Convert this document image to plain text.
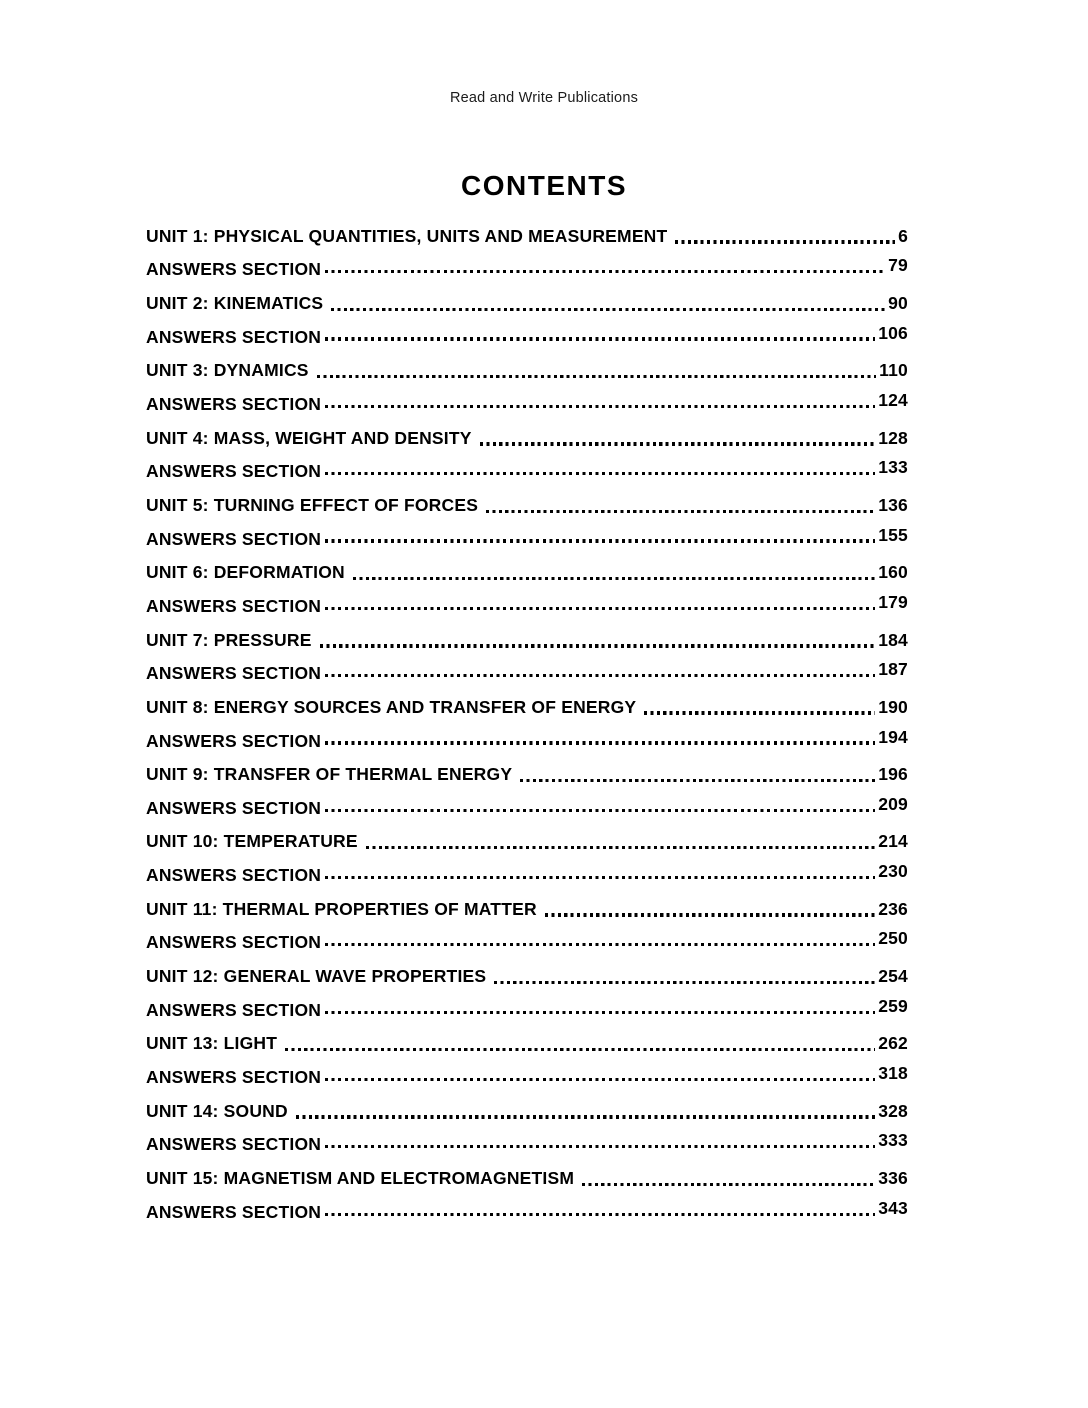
Read and Write Publications
CONTENTS
UNIT 1: PHYSICAL QUANTITIES, UNITS AND MEASUREMENT	6
ANSWERS SECTION	79
UNIT 2: KINEMATICS	90
ANSWERS SECTION	106
UNIT 3: DYNAMICS	110
ANSWERS SECTION	124
UNIT 4: MASS, WEIGHT AND DENSITY	128
ANSWERS SECTION	133
UNIT 5: TURNING EFFECT OF FORCES	136
ANSWERS SECTION	155
UNIT 6: DEFORMATION	160
ANSWERS SECTION	179
UNIT 7: PRESSURE	184
ANSWERS SECTION	187
UNIT 8: ENERGY SOURCES AND TRANSFER OF ENERGY	190
ANSWERS SECTION	194
UNIT 9: TRANSFER OF THERMAL ENERGY	196
ANSWERS SECTION	209
UNIT 10: TEMPERATURE	214
ANSWERS SECTION	230
UNIT 11: THERMAL PROPERTIES OF MATTER	236
ANSWERS SECTION	250
UNIT 12: GENERAL WAVE PROPERTIES	254
ANSWERS SECTION	259
UNIT 13: LIGHT	262
ANSWERS SECTION	318
UNIT 14: SOUND	328
ANSWERS SECTION	333
UNIT 15: MAGNETISM AND ELECTROMAGNETISM	336
ANSWERS SECTION	343
